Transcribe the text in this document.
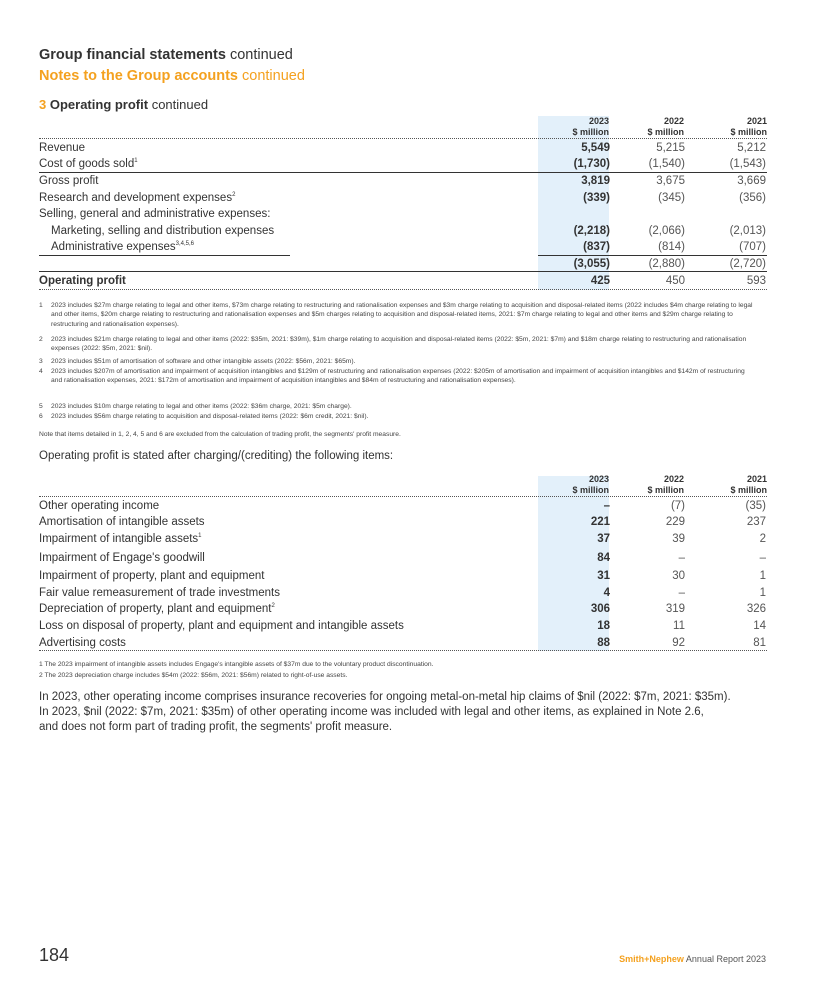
Group financial statements continued
Notes to the Group accounts continued
3 Operating profit continued
2023
$ million
2022
$ million
2021
$ million
Revenue	5,549	5,215	5,212
Cost of goods sold$^1$	(1,730)	(1,540)	(1,543)
Gross profit	3,819	3,675	3,669
Research and development expenses$^2$	(339)	(345)	(356)
Selling, general and administrative expenses:
Marketing, selling and distribution expenses	(2,218)	(2,066)	(2,013)
Administrative expenses$^{3,4,5,6}$	(837)	(814)	(707)
(3,055)	(2,880)	(2,720)
Operating profit	425	450	593
1	2023 includes $27m charge relating to legal and other items, $73m charge relating to restructuring and rationalisation expenses and $3m charge relating to acquisition and disposal-related items (2022 includes $4m charge relating to legal and other items, $20m charge relating to restructuring and rationalisation expenses and $5m charges relating to acquisition and disposal-related items, 2021: $7m charge relating to legal and other items and $29m charge relating to restructuring and rationalisation expenses).
2	2023 includes $21m charge relating to legal and other items (2022: $35m, 2021: $39m), $1m charge relating to acquisition and disposal-related items (2022: $5m, 2021: $7m) and $18m charge relating to restructuring and rationalisation expenses (2022: $5m, 2021: $nil).
3	2023 includes $51m of amortisation of software and other intangible assets (2022: $56m, 2021: $65m).
4	2023 includes $207m of amortisation and impairment of acquisition intangibles and $129m of restructuring and rationalisation expenses (2022: $205m of amortisation and impairment of acquisition intangibles and $142m of restructuring and rationalisation expenses, 2021: $172m of amortisation and impairment of acquisition intangibles and $84m of restructuring and rationalisation expenses).
5	2023 includes $10m charge relating to legal and other items (2022: $36m charge, 2021: $5m charge).
6	2023 includes $56m charge relating to acquisition and disposal-related items (2022: $6m credit, 2021: $nil).
Note that items detailed in 1, 2, 4, 5 and 6 are excluded from the calculation of trading profit, the segments' profit measure.
Operating profit is stated after charging/(crediting) the following items:
2023
$ million
2022
$ million
2021
$ million
Other operating income	–	(7)	(35)
Amortisation of intangible assets	221	229	237
Impairment of intangible assets$^1$	37	39	2
Impairment of Engage's goodwill	84	–	–
Impairment of property, plant and equipment	31	30	1
Fair value remeasurement of trade investments	4	–	1
Depreciation of property, plant and equipment$^2$	306	319	326
Loss on disposal of property, plant and equipment and intangible assets	18	11	14
Advertising costs	88	92	81
1 The 2023 impairment of intangible assets includes Engage's intangible assets of $37m due to the voluntary product discontinuation.
2 The 2023 depreciation charge includes $54m (2022: $56m, 2021: $56m) related to right-of-use assets.
In 2023, other operating income comprises insurance recoveries for ongoing metal-on-metal hip claims of $nil (2022: $7m, 2021: $35m).
In 2023, $nil (2022: $7m, 2021: $35m) of other operating income was included with legal and other items, as explained in Note 2.6,
and does not form part of trading profit, the segments' profit measure.
184	Smith+Nephew Annual Report 2023
